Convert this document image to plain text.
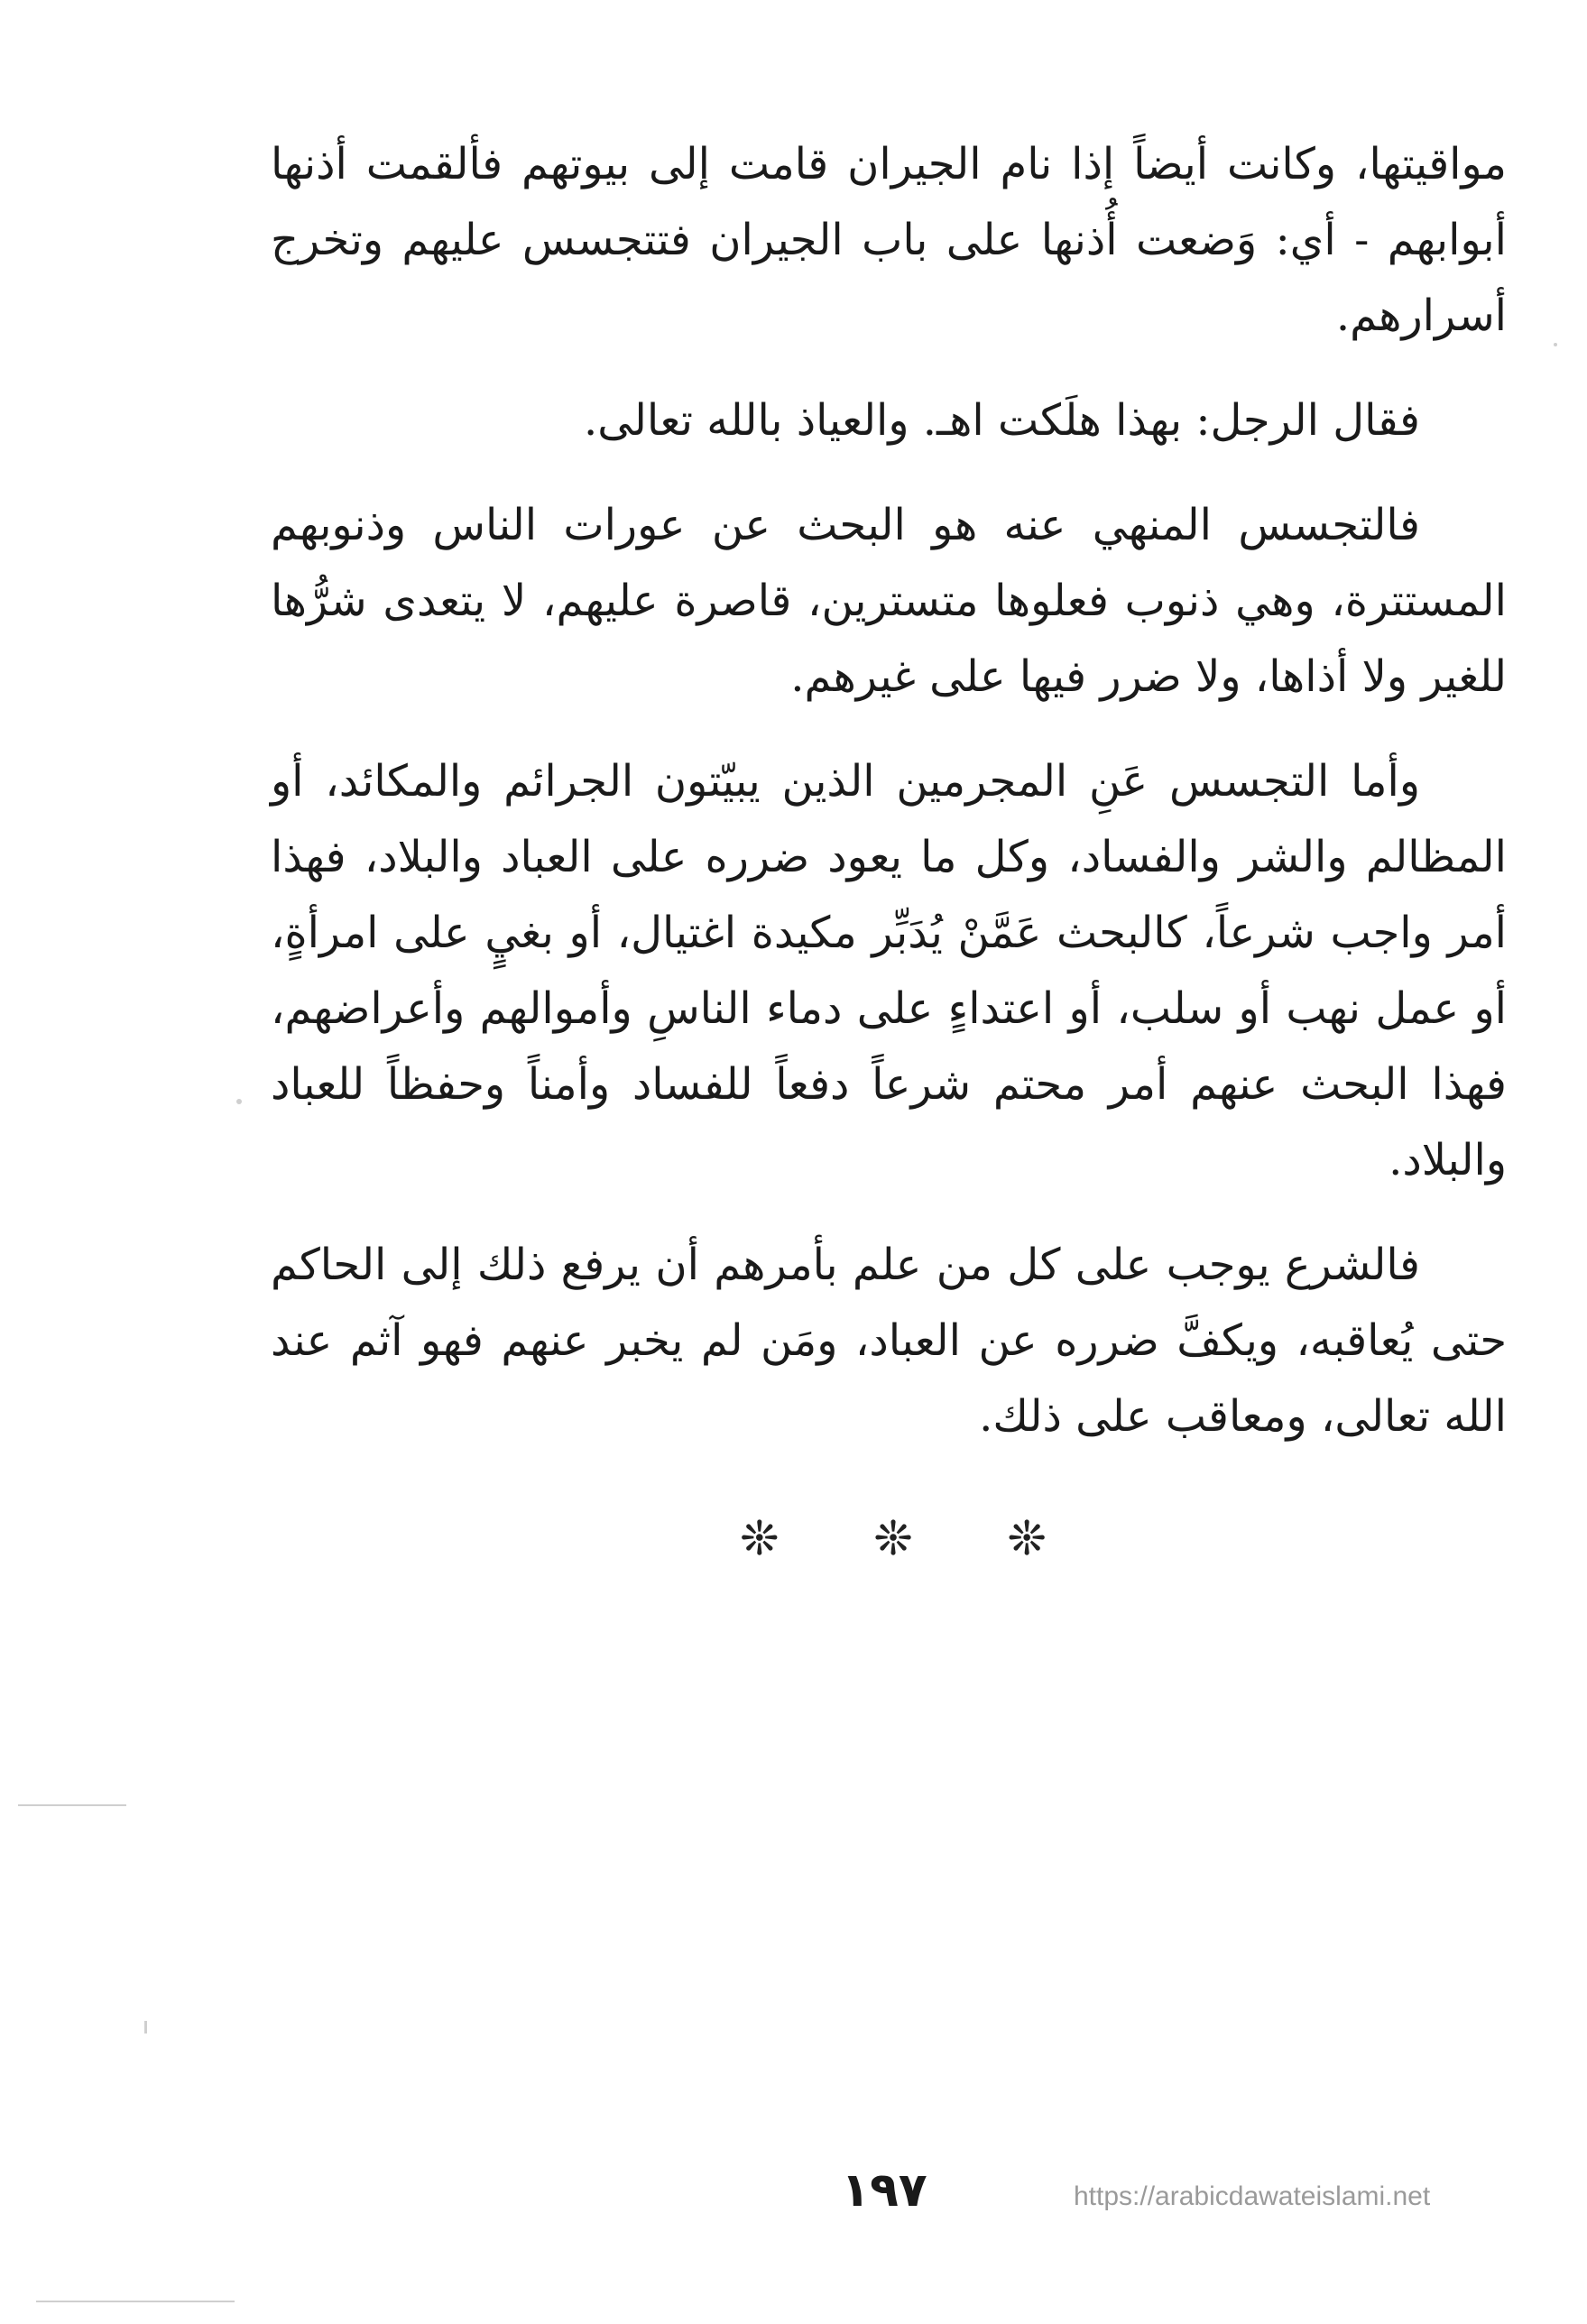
مواقيتها، وكانت أيضاً إذا نام الجيران قامت إلى بيوتهم فألقمت أذنها أبوابهم - أي: وَضعت أُذنها على باب الجيران فتتجسس عليهم وتخرج أسرارهم.

فقال الرجل: بهذا هلَكت اهـ. والعياذ بالله تعالى.

فالتجسس المنهي عنه هو البحث عن عورات الناس وذنوبهم المستترة، وهي ذنوب فعلوها متسترين، قاصرة عليهم، لا يتعدى شرُّها للغير ولا أذاها، ولا ضرر فيها على غيرهم.

وأما التجسس عَنِ المجرمين الذين يبيّتون الجرائم والمكائد، أو المظالم والشر والفساد، وكل ما يعود ضرره على العباد والبلاد، فهذا أمر واجب شرعاً، كالبحث عَمَّنْ يُدَبِّر مكيدة اغتيال، أو بغيٍ على امرأةٍ، أو عمل نهب أو سلب، أو اعتداءٍ على دماء الناسِ وأموالهم وأعراضهم، فهذا البحث عنهم أمر محتم شرعاً دفعاً للفساد وأمناً وحفظاً للعباد والبلاد.

فالشرع يوجب على كل من علم بأمرهم أن يرفع ذلك إلى الحاكم حتى يُعاقبه، ويكفَّ ضرره عن العباد، ومَن لم يخبر عنهم فهو آثم عند الله تعالى، ومعاقب على ذلك.

❊ ❊ ❊
١٩٧	https://arabicdawateislami.net
